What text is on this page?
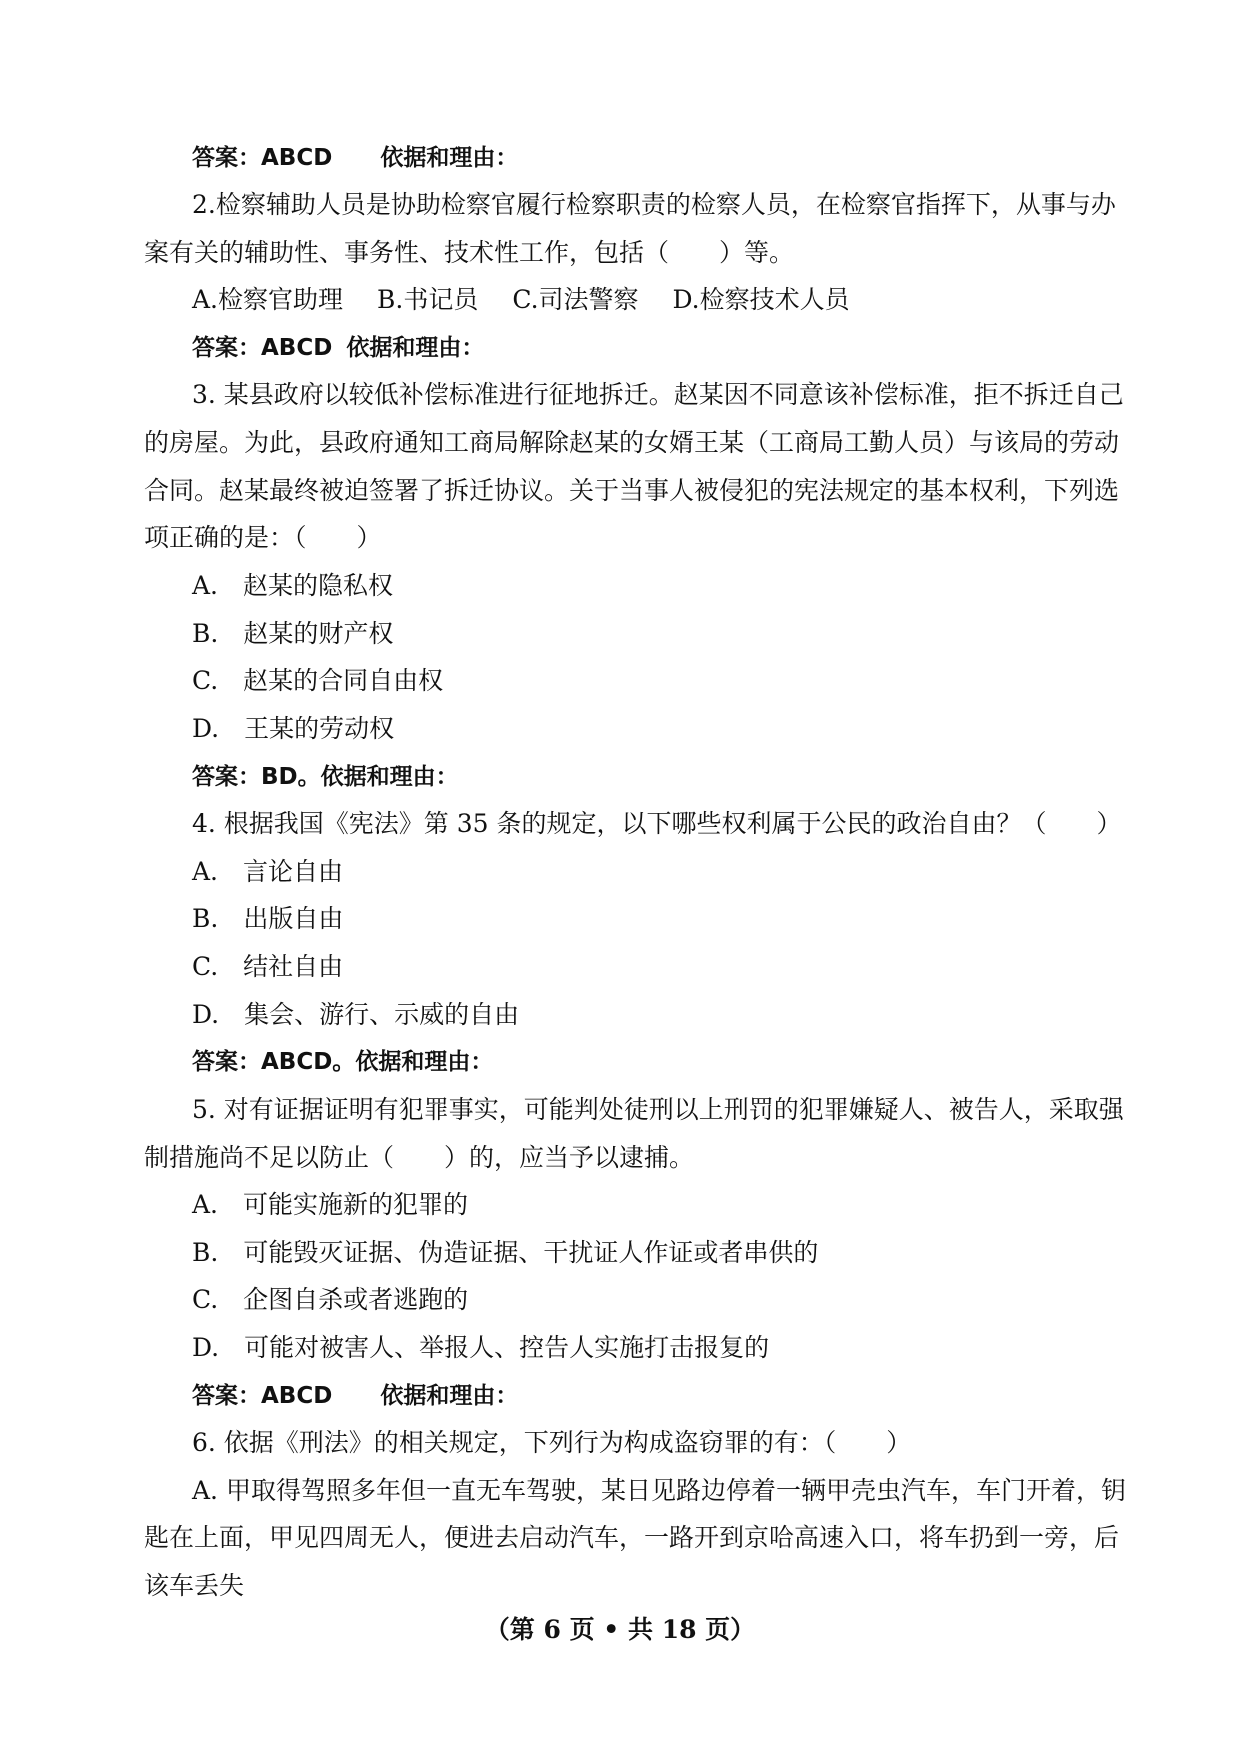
答案：ABCD 依据和理由：
2.检察辅助人员是协助检察官履行检察职责的检察人员，在检察官指挥下，从事与办
案有关的辅助性、事务性、技术性工作，包括（　　）等。
A.检察官助理 B.书记员 C.司法警察 D.检察技术人员
答案：ABCD 依据和理由：
3. 某县政府以较低补偿标准进行征地拆迁。赵某因不同意该补偿标准，拒不拆迁自己
的房屋。为此，县政府通知工商局解除赵某的女婿王某（工商局工勤人员）与该局的劳动
合同。赵某最终被迫签署了拆迁协议。关于当事人被侵犯的宪法规定的基本权利，下列选
项正确的是：（　　）
A.　赵某的隐私权
B.　赵某的财产权
C.　赵某的合同自由权
D.　王某的劳动权
答案：BD。依据和理由：
4. 根据我国《宪法》第 35 条的规定，以下哪些权利属于公民的政治自由？（　　）
A.　言论自由
B.　出版自由
C.　结社自由
D.　集会、游行、示威的自由
答案：ABCD。依据和理由：
5. 对有证据证明有犯罪事实，可能判处徒刑以上刑罚的犯罪嫌疑人、被告人，采取强
制措施尚不足以防止（　　）的，应当予以逮捕。
A.　可能实施新的犯罪的
B.　可能毁灭证据、伪造证据、干扰证人作证或者串供的
C.　企图自杀或者逃跑的
D.　可能对被害人、举报人、控告人实施打击报复的
答案：ABCD 依据和理由：
6. 依据《刑法》的相关规定，下列行为构成盗窃罪的有：（　　）
A. 甲取得驾照多年但一直无车驾驶，某日见路边停着一辆甲壳虫汽车，车门开着，钥
匙在上面，甲见四周无人，便进去启动汽车，一路开到京哈高速入口，将车扔到一旁，后
该车丢失
（第 6 页 • 共 18 页）
